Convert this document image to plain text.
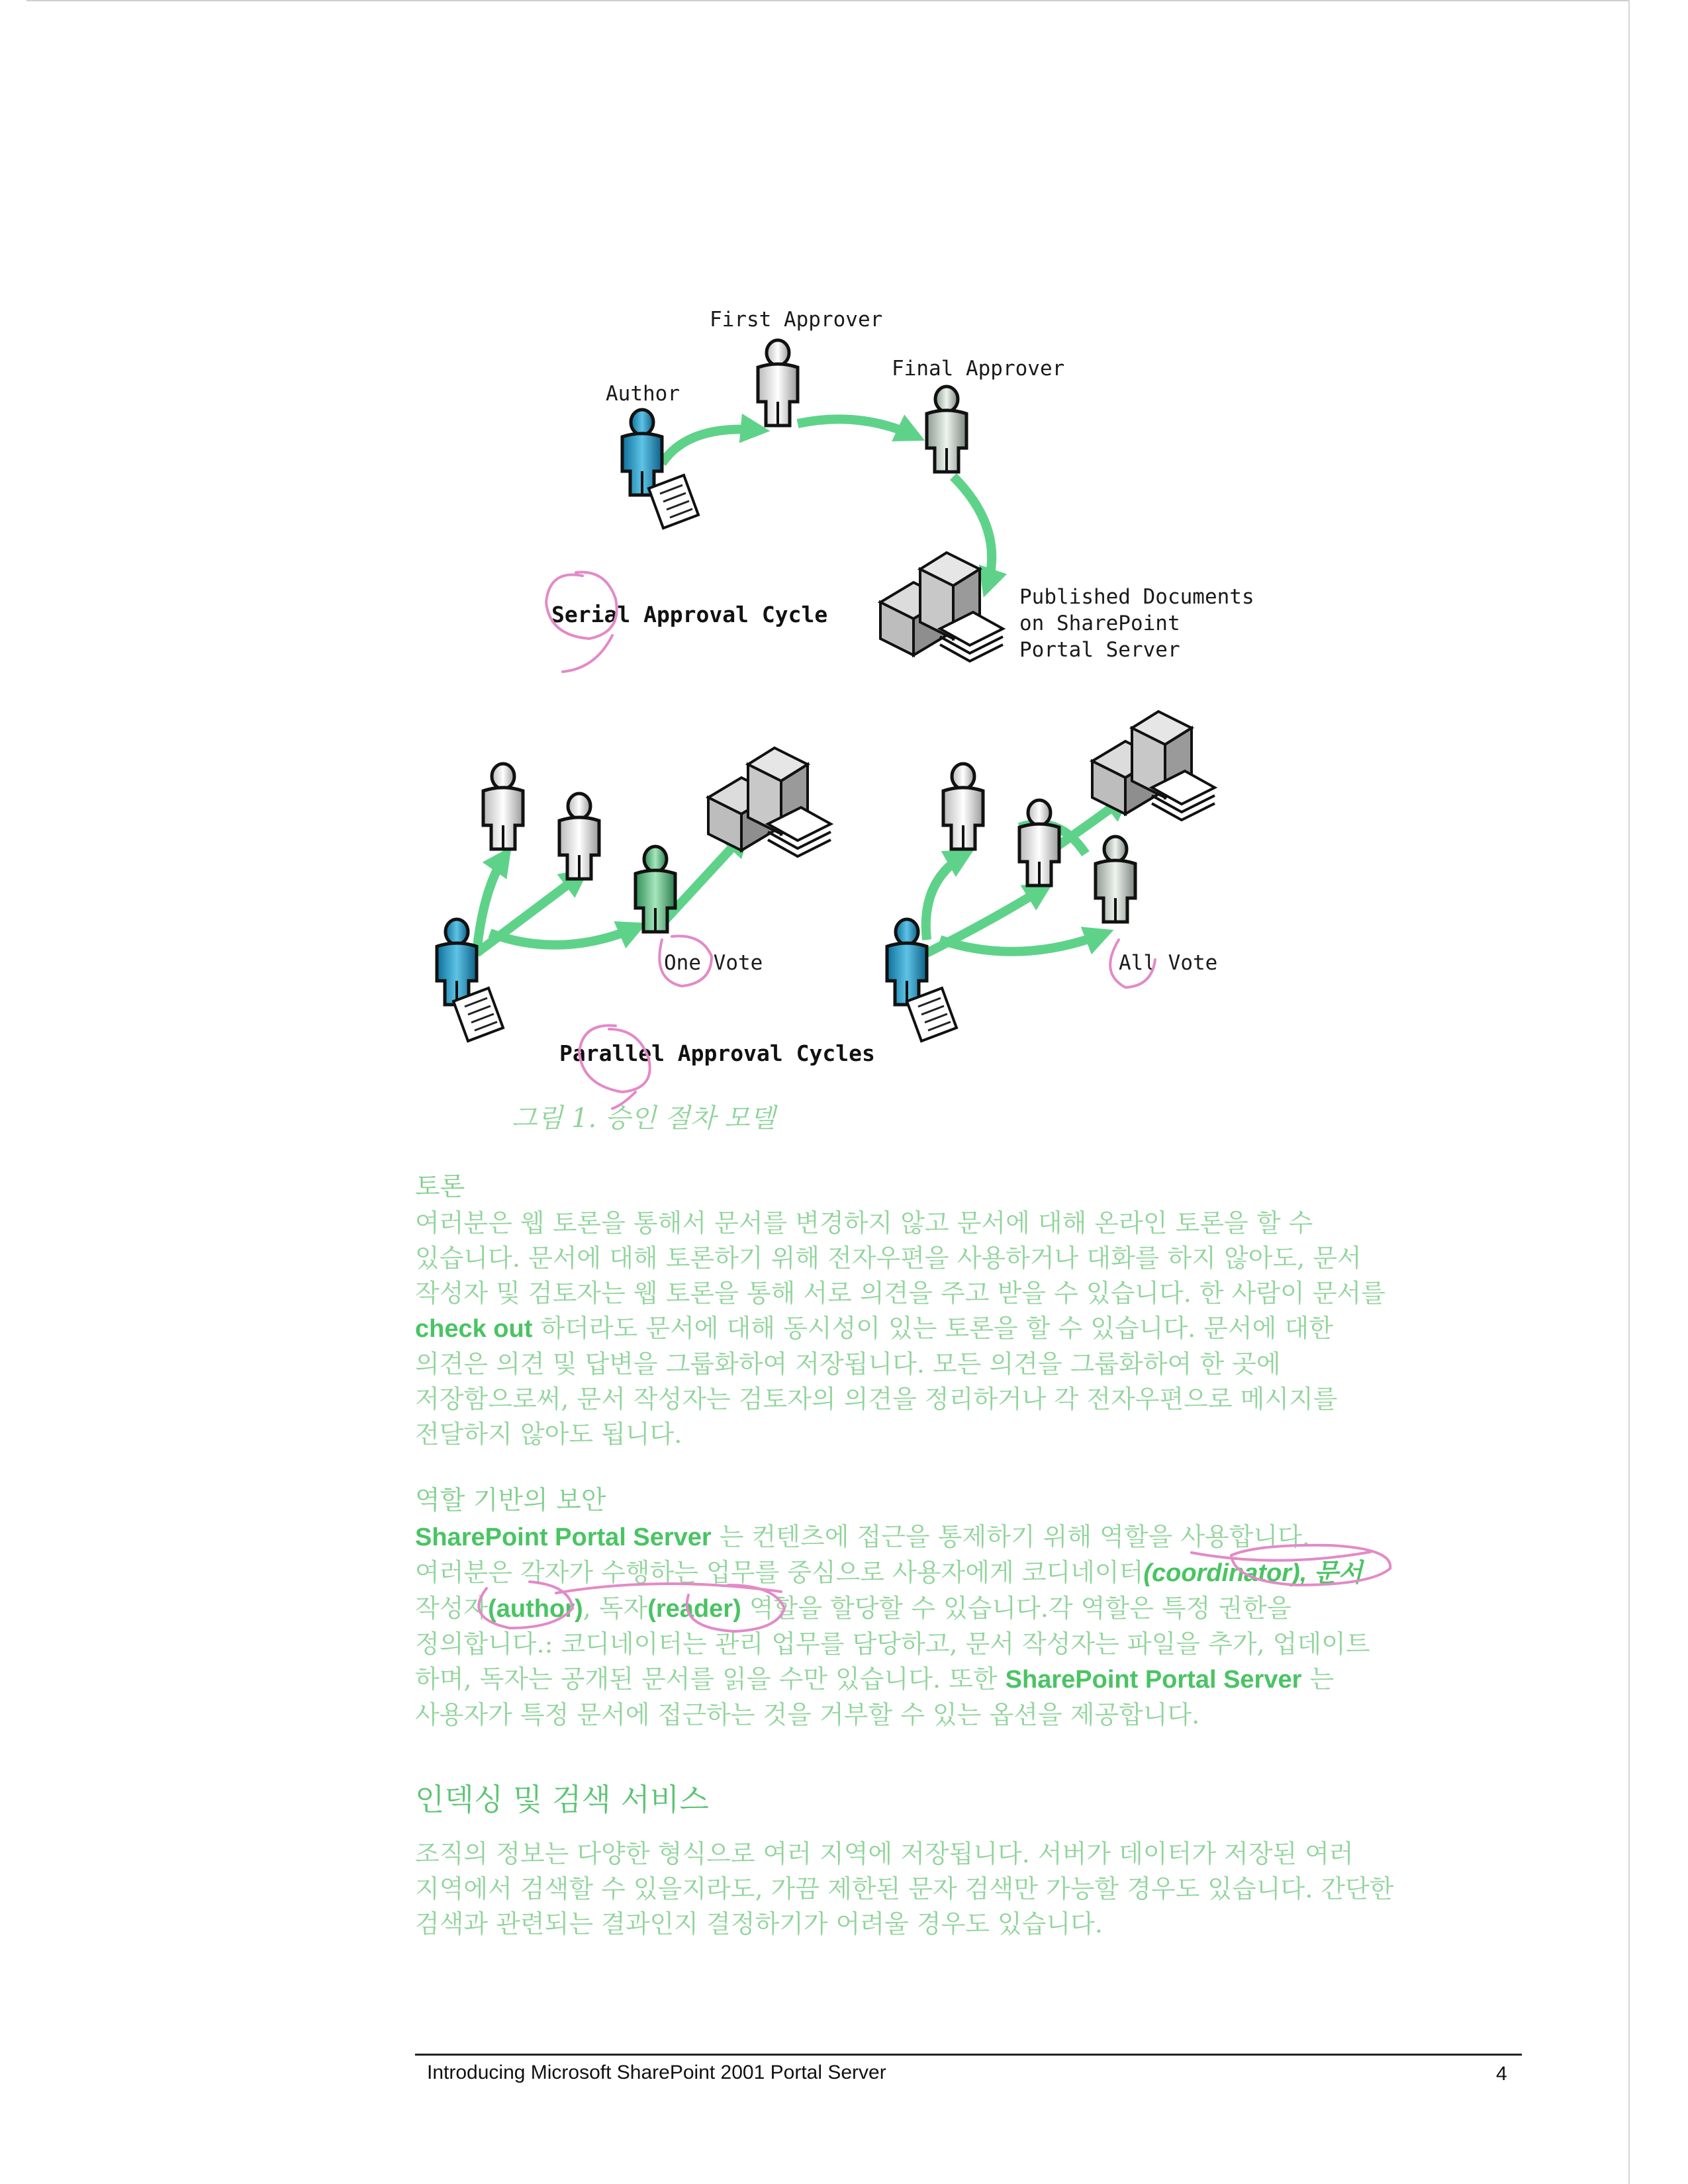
First Approver
Author
Final Approver
Published Documents
on SharePoint
Portal Server
Serial Approval Cycle
One Vote	All Vote
Parallel Approval Cycles
그림 1. 승인 절차 모델
토론
여러분은 웹 토론을 통해서 문서를 변경하지 않고 문서에 대해 온라인 토론을 할 수
있습니다. 문서에 대해 토론하기 위해 전자우편을 사용하거나 대화를 하지 않아도, 문서
작성자 및 검토자는 웹 토론을 통해 서로 의견을 주고 받을 수 있습니다. 한 사람이 문서를
check out 하더라도 문서에 대해 동시성이 있는 토론을 할 수 있습니다. 문서에 대한
의견은 의견 및 답변을 그룹화하여 저장됩니다. 모든 의견을 그룹화하여 한 곳에
저장함으로써, 문서 작성자는 검토자의 의견을 정리하거나 각 전자우편으로 메시지를
전달하지 않아도 됩니다.
역할 기반의 보안
SharePoint Portal Server 는 컨텐츠에 접근을 통제하기 위해 역할을 사용합니다.
여러분은 각자가 수행하는 업무를 중심으로 사용자에게 코디네이터(coordinator), 문서
작성자(author), 독자(reader) 역할을 할당할 수 있습니다.각 역할은 특정 권한을
정의합니다.: 코디네이터는 관리 업무를 담당하고, 문서 작성자는 파일을 추가, 업데이트
하며, 독자는 공개된 문서를 읽을 수만 있습니다. 또한 SharePoint Portal Server 는
사용자가 특정 문서에 접근하는 것을 거부할 수 있는 옵션을 제공합니다.
인덱싱 및 검색 서비스
조직의 정보는 다양한 형식으로 여러 지역에 저장됩니다. 서버가 데이터가 저장된 여러
지역에서 검색할 수 있을지라도, 가끔 제한된 문자 검색만 가능할 경우도 있습니다. 간단한
검색과 관련되는 결과인지 결정하기가 어려울 경우도 있습니다.
Introducing Microsoft SharePoint 2001 Portal Server	4
